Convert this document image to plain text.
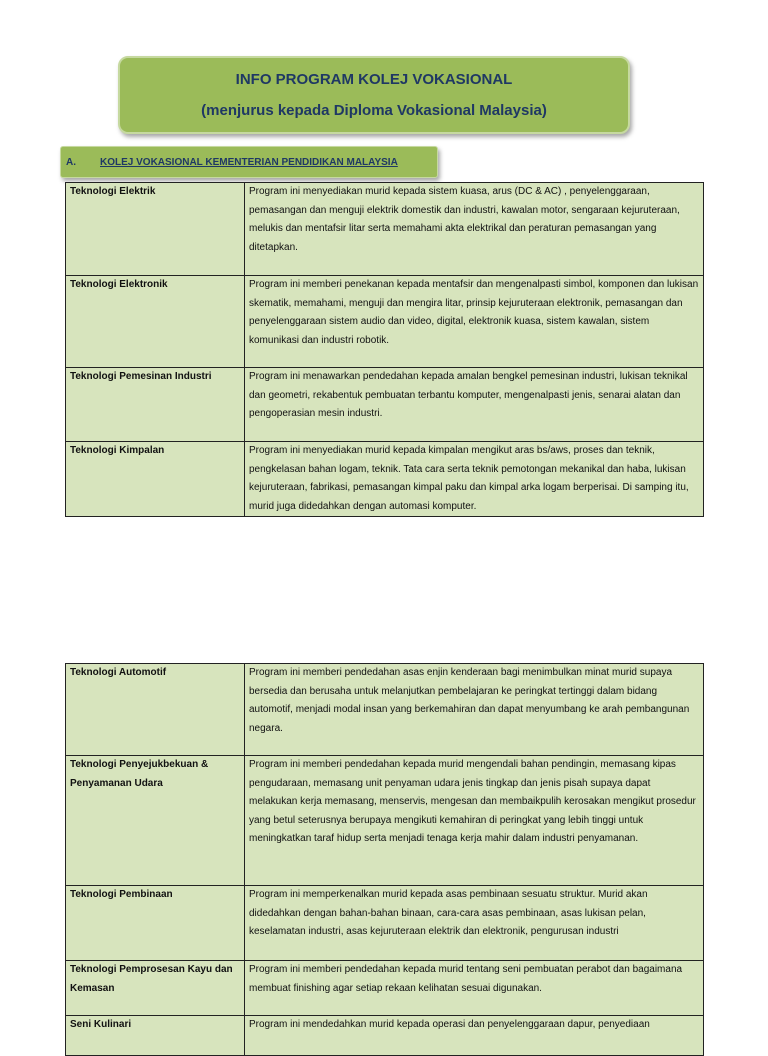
INFO PROGRAM KOLEJ VOKASIONAL
(menjurus kepada Diploma Vokasional Malaysia)
A. KOLEJ VOKASIONAL KEMENTERIAN PENDIDIKAN MALAYSIA
Teknologi Elektrik	Program ini menyediakan murid kepada sistem kuasa, arus (DC & AC) , penyelenggaraan, pemasangan dan menguji elektrik domestik dan industri, kawalan motor, sengaraan kejuruteraan, melukis dan mentafsir litar serta memahami akta elektrikal dan peraturan pemasangan yang ditetapkan.
Teknologi Elektronik	Program ini memberi penekanan kepada mentafsir dan mengenalpasti simbol, komponen dan lukisan skematik, memahami, menguji dan mengira litar, prinsip kejuruteraan elektronik, pemasangan dan penyelenggaraan sistem audio dan video, digital, elektronik kuasa, sistem kawalan, sistem komunikasi dan industri robotik.
Teknologi Pemesinan Industri	Program ini menawarkan pendedahan kepada amalan bengkel pemesinan industri, lukisan teknikal dan geometri, rekabentuk pembuatan terbantu komputer, mengenalpasti jenis, senarai alatan dan pengoperasian mesin industri.
Teknologi Kimpalan	Program ini menyediakan murid kepada kimpalan mengikut aras bs/aws, proses dan teknik, pengkelasan bahan logam, teknik. Tata cara serta teknik pemotongan mekanikal dan haba, lukisan kejuruteraan, fabrikasi, pemasangan kimpal paku dan kimpal arka logam berperisai. Di samping itu, murid juga didedahkan dengan automasi komputer.
Teknologi Automotif	Program ini memberi pendedahan asas enjin kenderaan bagi menimbulkan minat murid supaya bersedia dan berusaha untuk melanjutkan pembelajaran ke peringkat tertinggi dalam bidang automotif, menjadi modal insan yang berkemahiran dan dapat menyumbang ke arah pembangunan negara.
Teknologi Penyejukbekuan & Penyamanan Udara	Program ini memberi pendedahan kepada murid mengendali bahan pendingin, memasang kipas pengudaraan, memasang unit penyaman udara jenis tingkap dan jenis pisah supaya dapat melakukan kerja memasang, menservis, mengesan dan membaikpulih kerosakan mengikut prosedur yang betul seterusnya berupaya mengikuti kemahiran di peringkat yang lebih tinggi untuk meningkatkan taraf hidup serta menjadi tenaga kerja mahir dalam industri penyamanan.
Teknologi Pembinaan	Program ini memperkenalkan murid kepada asas pembinaan sesuatu struktur. Murid akan didedahkan dengan bahan-bahan binaan, cara-cara asas pembinaan, asas lukisan pelan, keselamatan industri, asas kejuruteraan elektrik dan elektronik, pengurusan industri
Teknologi Pemprosesan Kayu dan Kemasan	Program ini memberi pendedahan kepada murid tentang seni pembuatan perabot dan bagaimana membuat finishing agar setiap rekaan kelihatan sesuai digunakan.
Seni Kulinari	Program ini mendedahkan murid kepada operasi dan penyelenggaraan dapur, penyediaan
